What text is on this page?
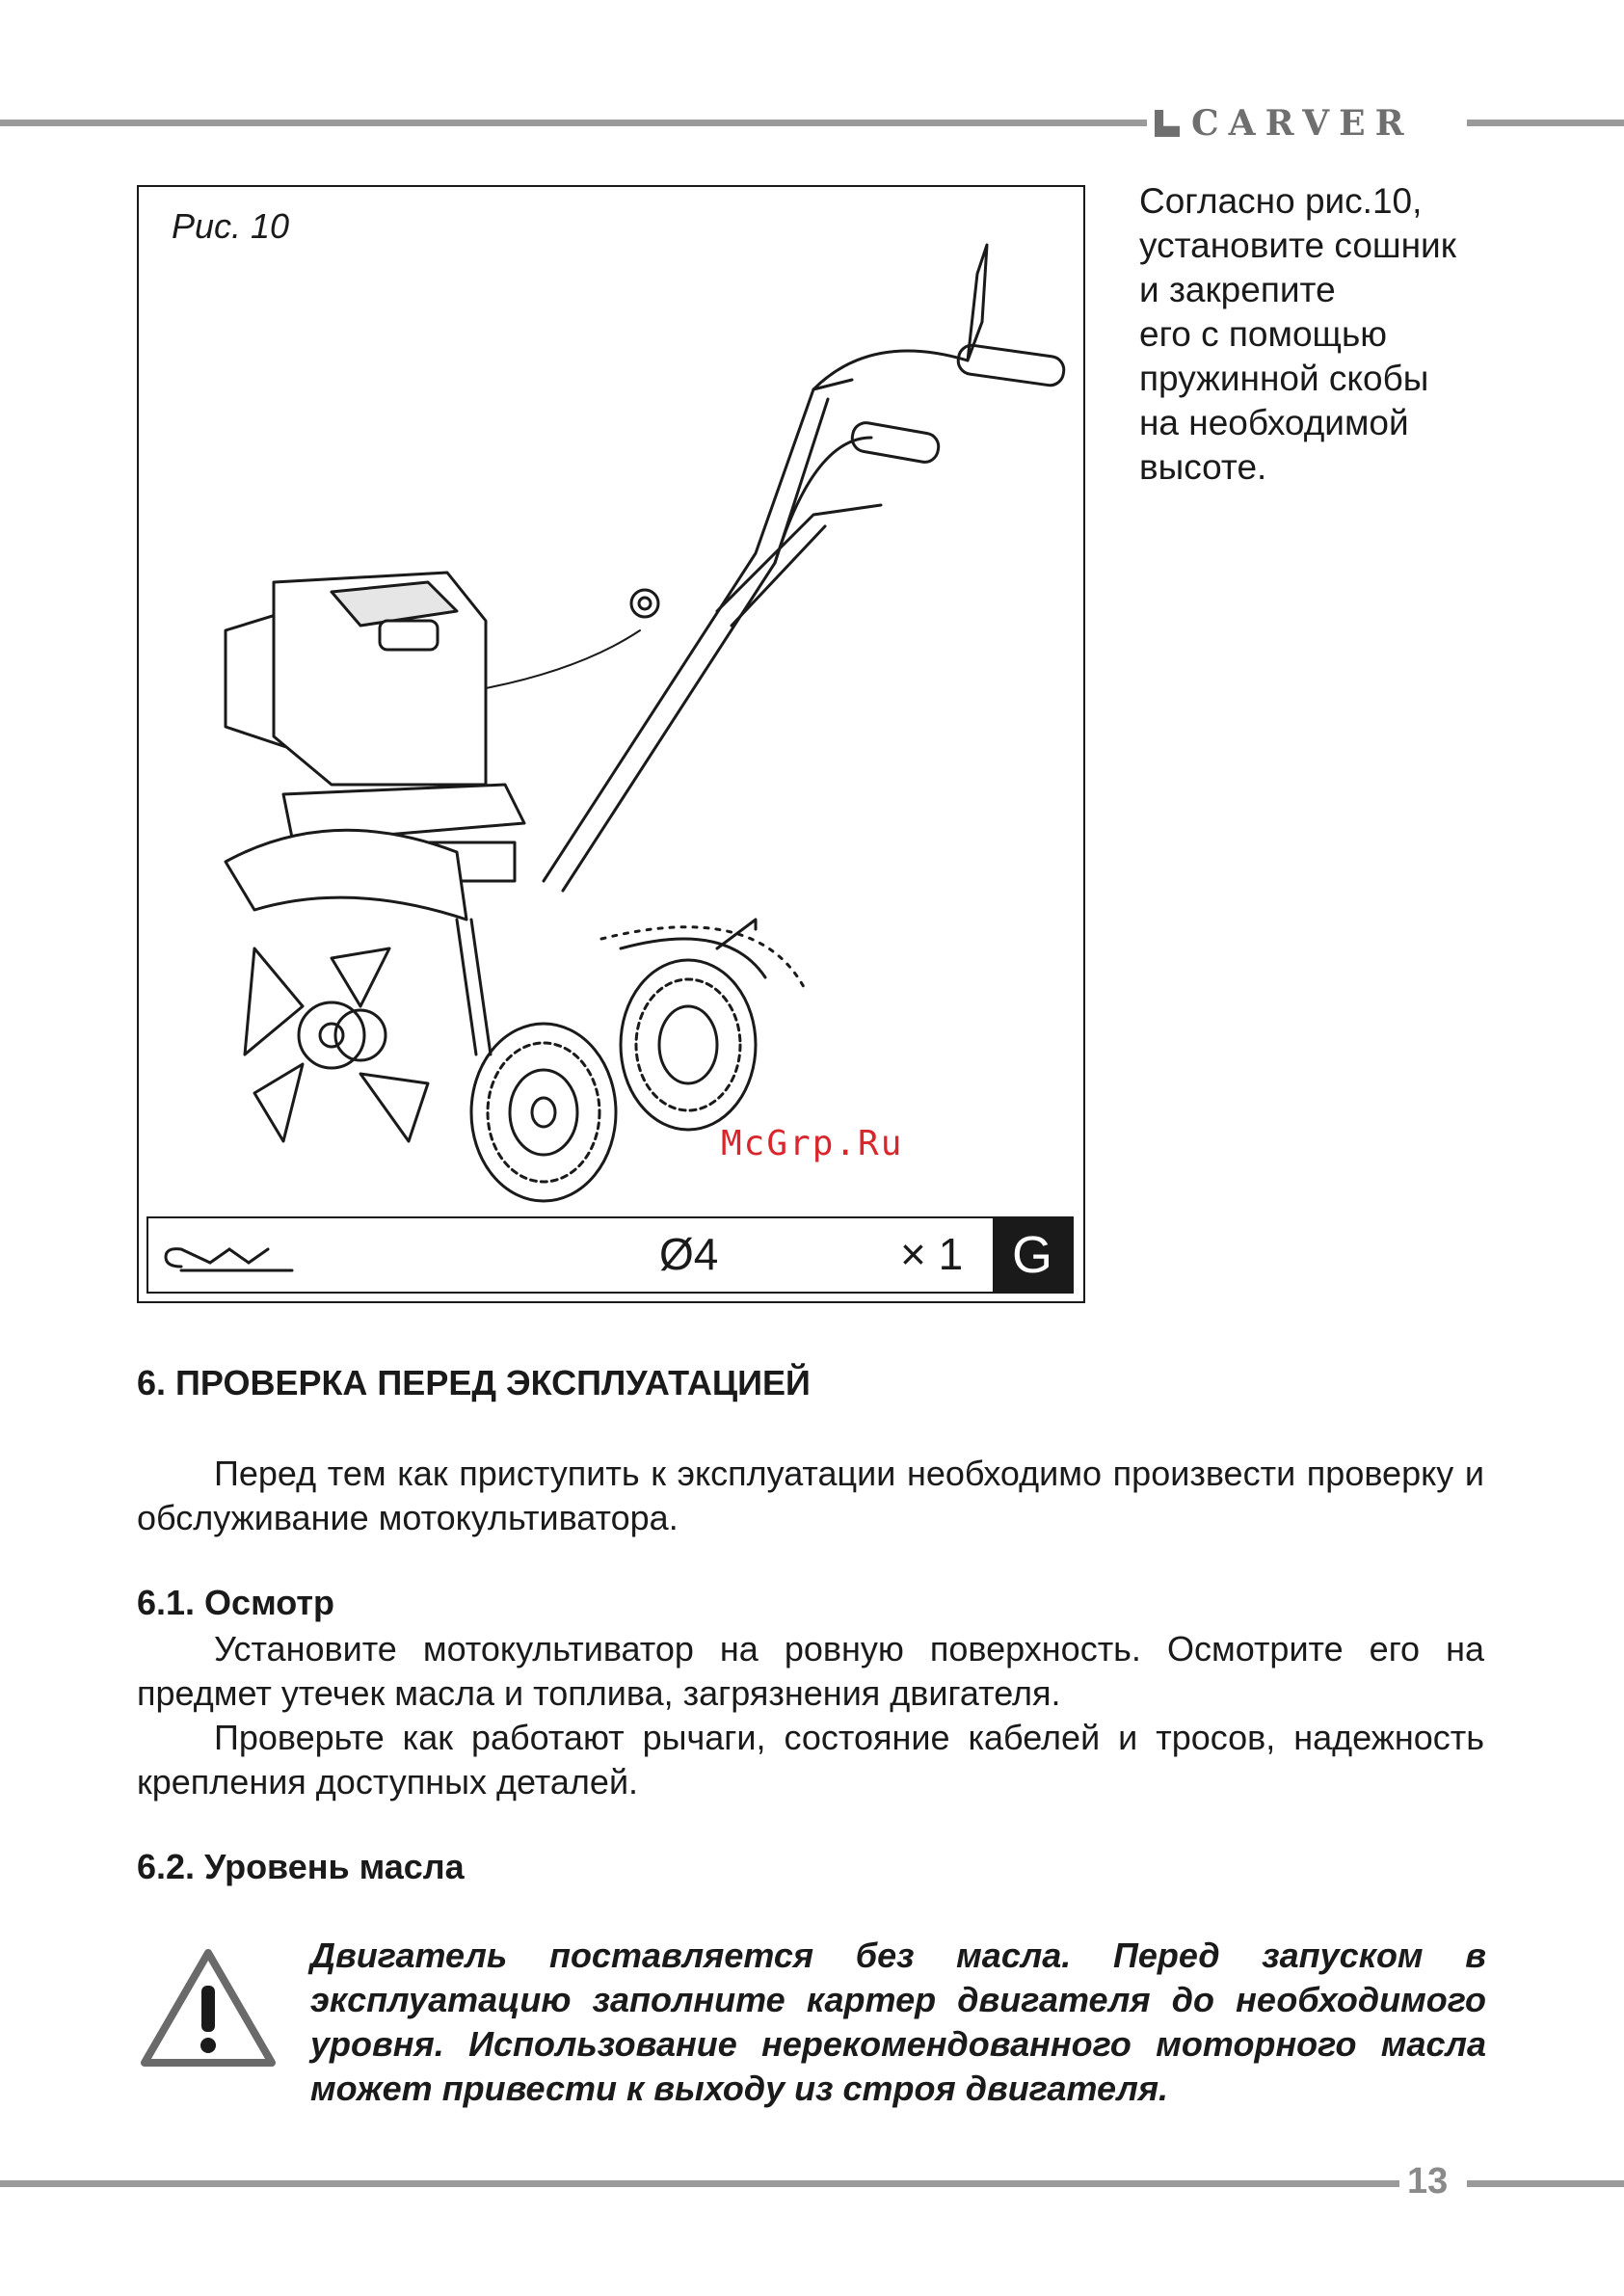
CARVER
Рис. 10
McGrp.Ru
Ø4	× 1 G
Согласно рис.10,
установите сошник
и закрепите
его с помощью
пружинной скобы
на необходимой
высоте.
6. ПРОВЕРКА ПЕРЕД ЭКСПЛУАТАЦИЕЙ
Перед тем как приступить к эксплуатации необходимо произвести проверку и обслуживание мотокультиватора.
6.1. Осмотр
Установите мотокультиватор на ровную поверхность. Осмотрите его на предмет утечек масла и топлива, загрязнения двигателя.
Проверьте как работают рычаги, состояние кабелей и тросов, надежность крепления доступных деталей.
6.2. Уровень масла
Двигатель поставляется без масла. Перед запуском в эксплуатацию заполните картер двигателя до необходимого уровня. Использование нерекомендованного моторного масла может привести к выходу из строя двигателя.
13
